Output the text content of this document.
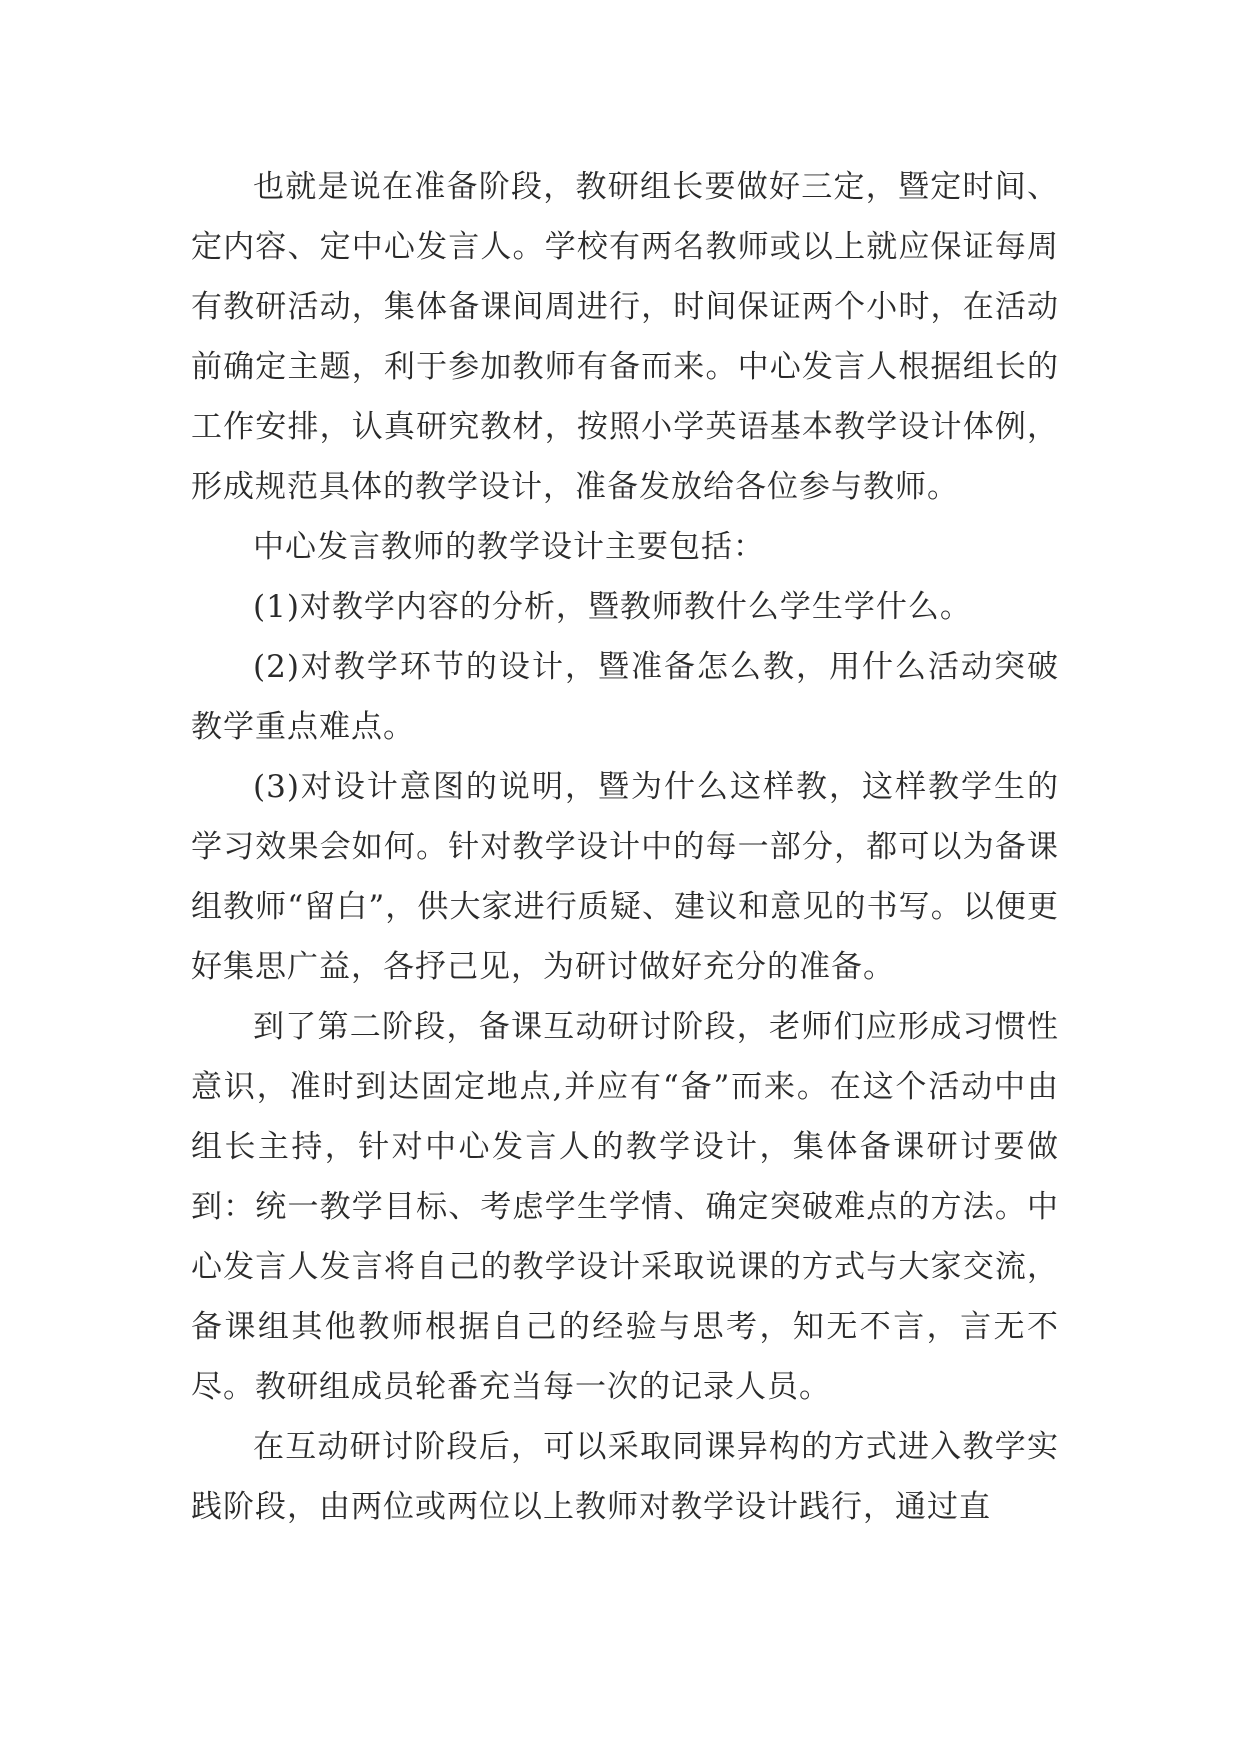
也就是说在准备阶段，教研组长要做好三定，暨定时间、定内容、定中心发言人。学校有两名教师或以上就应保证每周有教研活动，集体备课间周进行，时间保证两个小时，在活动前确定主题，利于参加教师有备而来。中心发言人根据组长的工作安排，认真研究教材，按照小学英语基本教学设计体例，形成规范具体的教学设计，准备发放给各位参与教师。

中心发言教师的教学设计主要包括：

(1)对教学内容的分析，暨教师教什么学生学什么。

(2)对教学环节的设计，暨准备怎么教，用什么活动突破教学重点难点。

(3)对设计意图的说明，暨为什么这样教，这样教学生的学习效果会如何。针对教学设计中的每一部分，都可以为备课组教师“留白”，供大家进行质疑、建议和意见的书写。以便更好集思广益，各抒己见，为研讨做好充分的准备。

到了第二阶段，备课互动研讨阶段，老师们应形成习惯性意识，准时到达固定地点,并应有“备”而来。在这个活动中由组长主持，针对中心发言人的教学设计，集体备课研讨要做到：统一教学目标、考虑学生学情、确定突破难点的方法。中心发言人发言将自己的教学设计采取说课的方式与大家交流，备课组其他教师根据自己的经验与思考，知无不言，言无不尽。教研组成员轮番充当每一次的记录人员。

在互动研讨阶段后，可以采取同课异构的方式进入教学实践阶段，由两位或两位以上教师对教学设计践行，通过直
